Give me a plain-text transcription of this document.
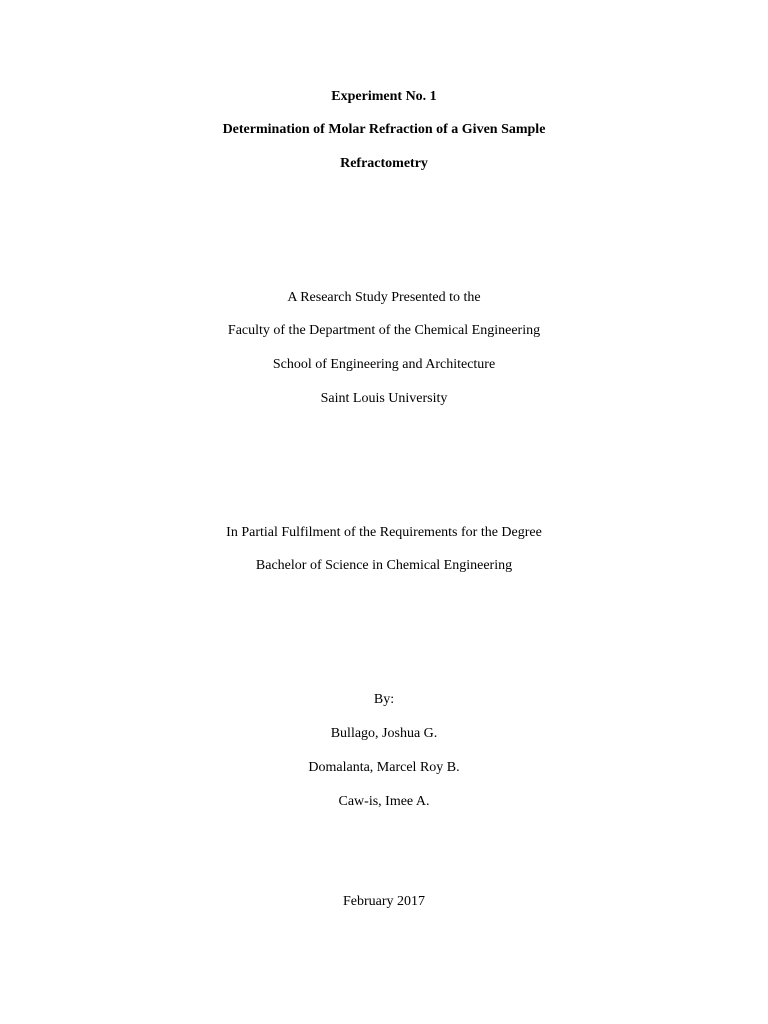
Experiment No. 1
Determination of Molar Refraction of a Given Sample
Refractometry
A Research Study Presented to the
Faculty of the Department of the Chemical Engineering
School of Engineering and Architecture
Saint Louis University
In Partial Fulfilment of the Requirements for the Degree
Bachelor of Science in Chemical Engineering
By:
Bullago, Joshua G.
Domalanta, Marcel Roy B.
Caw-is, Imee A.
February 2017
